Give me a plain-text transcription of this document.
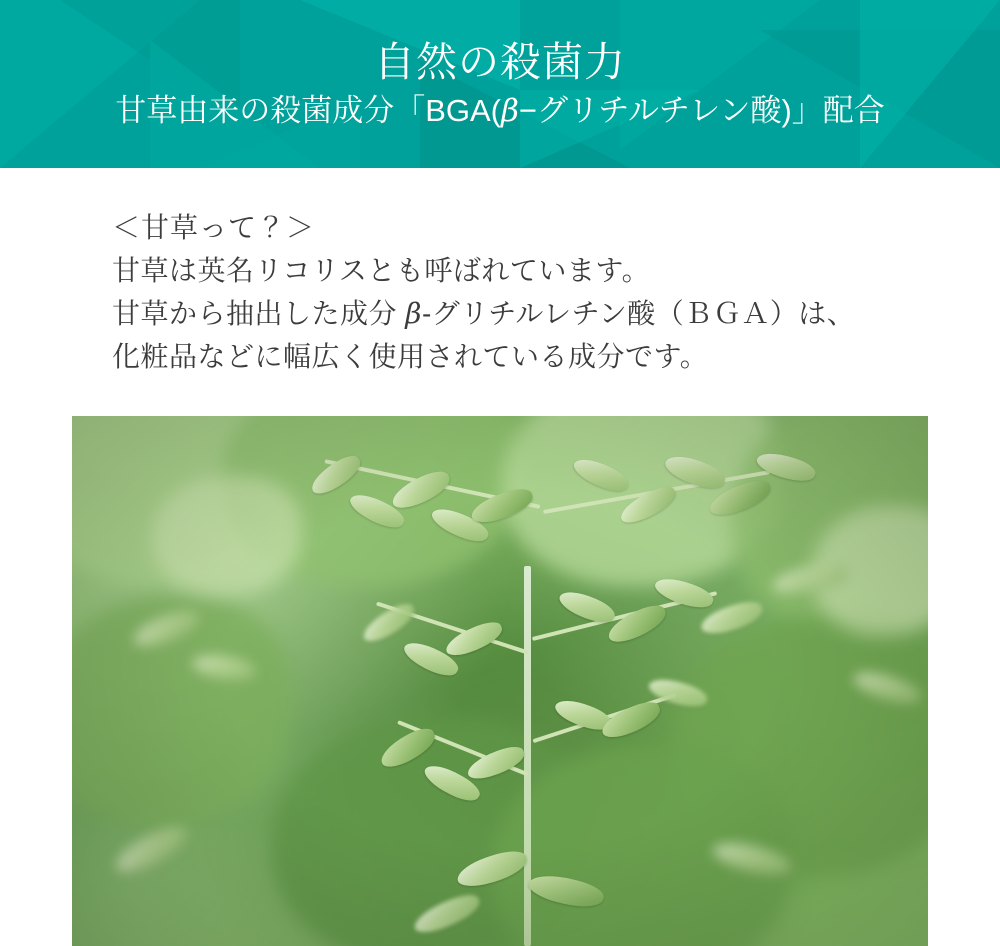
自然の殺菌力
甘草由来の殺菌成分「BGA(β−グリチルチレン酸)」配合
＜甘草って？＞
甘草は英名リコリスとも呼ばれています。
甘草から抽出した成分 β-グリチルレチン酸（ＢＧＡ）は、
化粧品などに幅広く使用されている成分です。
